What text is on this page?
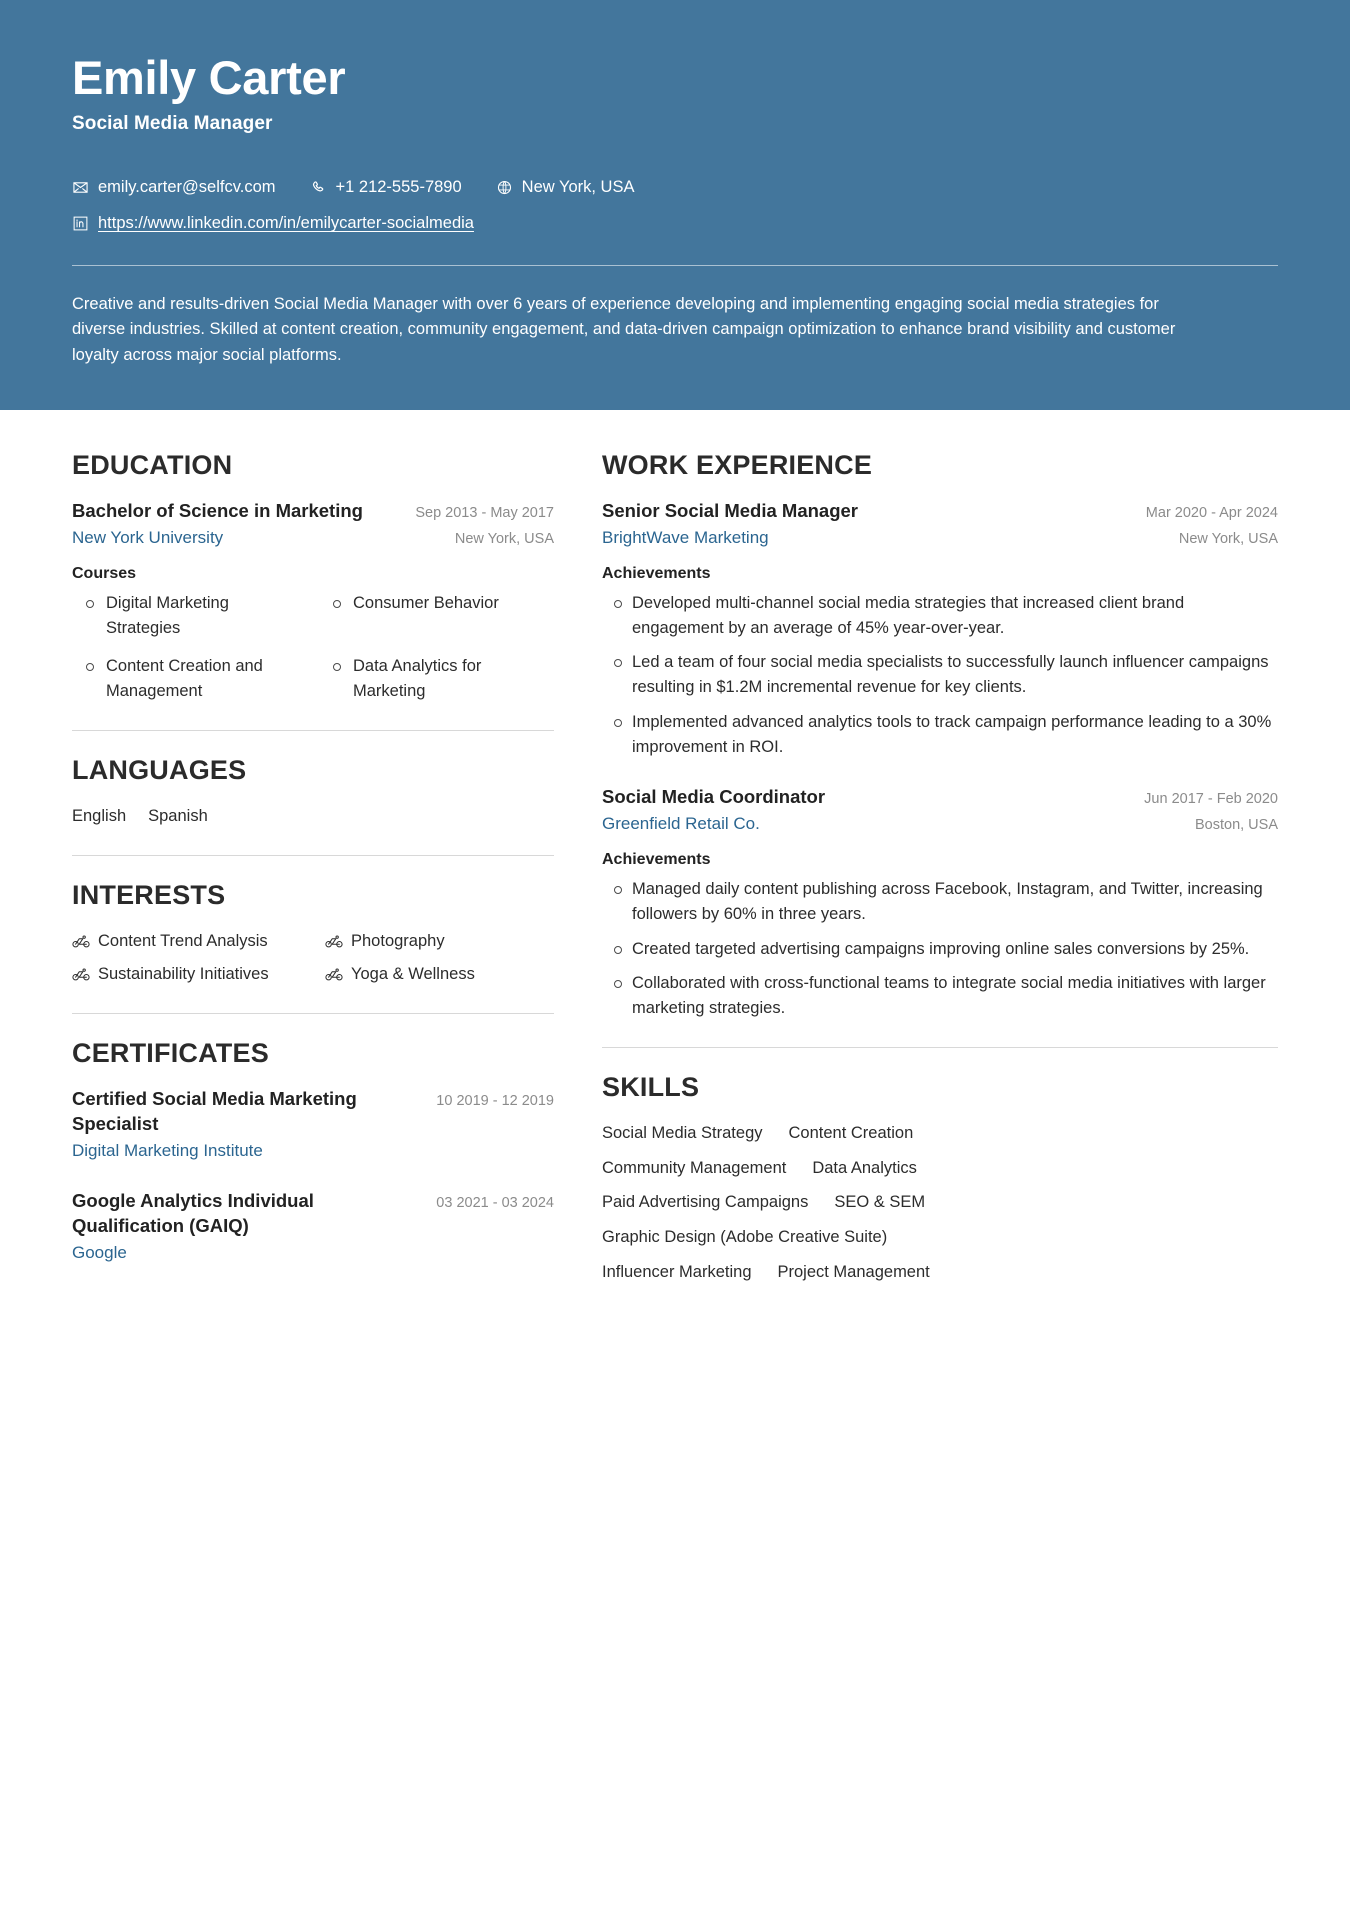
Emily Carter
Social Media Manager
emily.carter@selfcv.com	+1 212-555-7890	New York, USA
https://www.linkedin.com/in/emilycarter-socialmedia
Creative and results-driven Social Media Manager with over 6 years of experience developing and implementing engaging social media strategies for diverse industries. Skilled at content creation, community engagement, and data-driven campaign optimization to enhance brand visibility and customer loyalty across major social platforms.
EDUCATION
Bachelor of Science in Marketing	Sep 2013 - May 2017
New York University	New York, USA
Courses
Digital Marketing Strategies
Consumer Behavior
Content Creation and Management
Data Analytics for Marketing
LANGUAGES
English Spanish
INTERESTS
Content Trend Analysis	Photography
Sustainability Initiatives	Yoga & Wellness
CERTIFICATES
Certified Social Media Marketing Specialist
10 2019 - 12 2019
Digital Marketing Institute
Google Analytics Individual Qualification (GAIQ)
03 2021 - 03 2024
Google
WORK EXPERIENCE
Senior Social Media Manager	Mar 2020 - Apr 2024
BrightWave Marketing	New York, USA
Achievements
Developed multi-channel social media strategies that increased client brand engagement by an average of 45% year-over-year.
Led a team of four social media specialists to successfully launch influencer campaigns resulting in $1.2M incremental revenue for key clients.
Implemented advanced analytics tools to track campaign performance leading to a 30% improvement in ROI.
Social Media Coordinator	Jun 2017 - Feb 2020
Greenfield Retail Co.	Boston, USA
Achievements
Managed daily content publishing across Facebook, Instagram, and Twitter, increasing followers by 60% in three years.
Created targeted advertising campaigns improving online sales conversions by 25%.
Collaborated with cross-functional teams to integrate social media initiatives with larger marketing strategies.
SKILLS
Social Media Strategy Content Creation
Community Management Data Analytics
Paid Advertising Campaigns SEO & SEM
Graphic Design (Adobe Creative Suite)
Influencer Marketing Project Management
